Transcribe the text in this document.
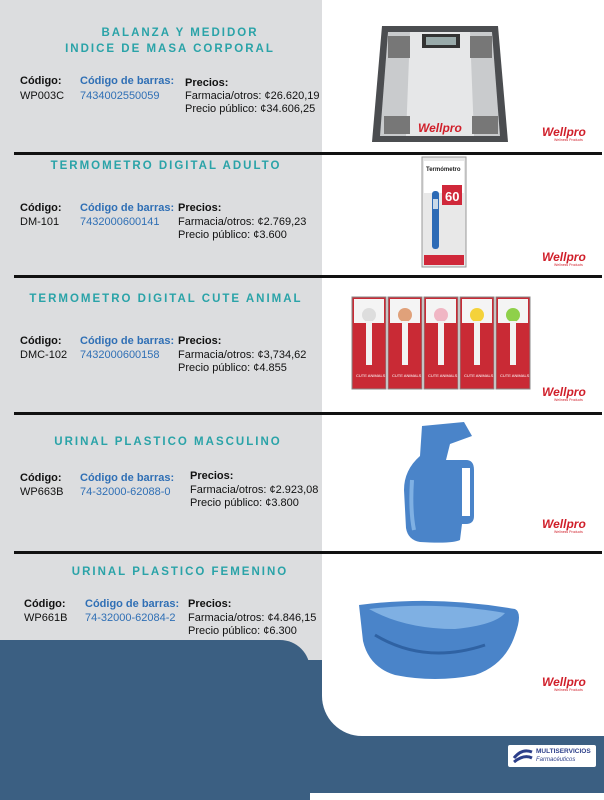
BALANZA Y MEDIDOR
INDICE DE MASA CORPORAL
Código:
WP003C
Código de barras:
7434002550059
Precios:
Farmacia/otros: ¢26.620,19
Precio público: ¢34.606,25
Wellpro	Wellpro
Wellness Products
TERMOMETRO DIGITAL ADULTO
Código:
DM-101
Código de barras:
7432000600141
Precios:
Farmacia/otros: ¢2.769,23
Precio público: ¢3.600
Termómetro
60
Wellpro
Wellness Products
TERMOMETRO DIGITAL CUTE ANIMAL
Código:
DMC-102
Código de barras:
7432000600158
Precios:
Farmacia/otros: ¢3,734,62
Precio público: ¢4.855
CUTE ANIMALS CUTE ANIMALS CUTE ANIMALS CUTE ANIMALS CUTE ANIMALS
Wellpro
Wellness Products
URINAL PLASTICO MASCULINO
Código:
WP663B
Código de barras:
74-32000-62088-0
Precios:
Farmacia/otros: ¢2.923,08
Precio público: ¢3.800
Wellpro
Wellness Products
URINAL PLASTICO FEMENINO
Código:
WP661B
Código de barras:
74-32000-62084-2
Precios:
Farmacia/otros: ¢4.846,15
Precio público: ¢6.300
Wellpro
Wellness Products
MULTISERVICIOS
Farmacéuticos
